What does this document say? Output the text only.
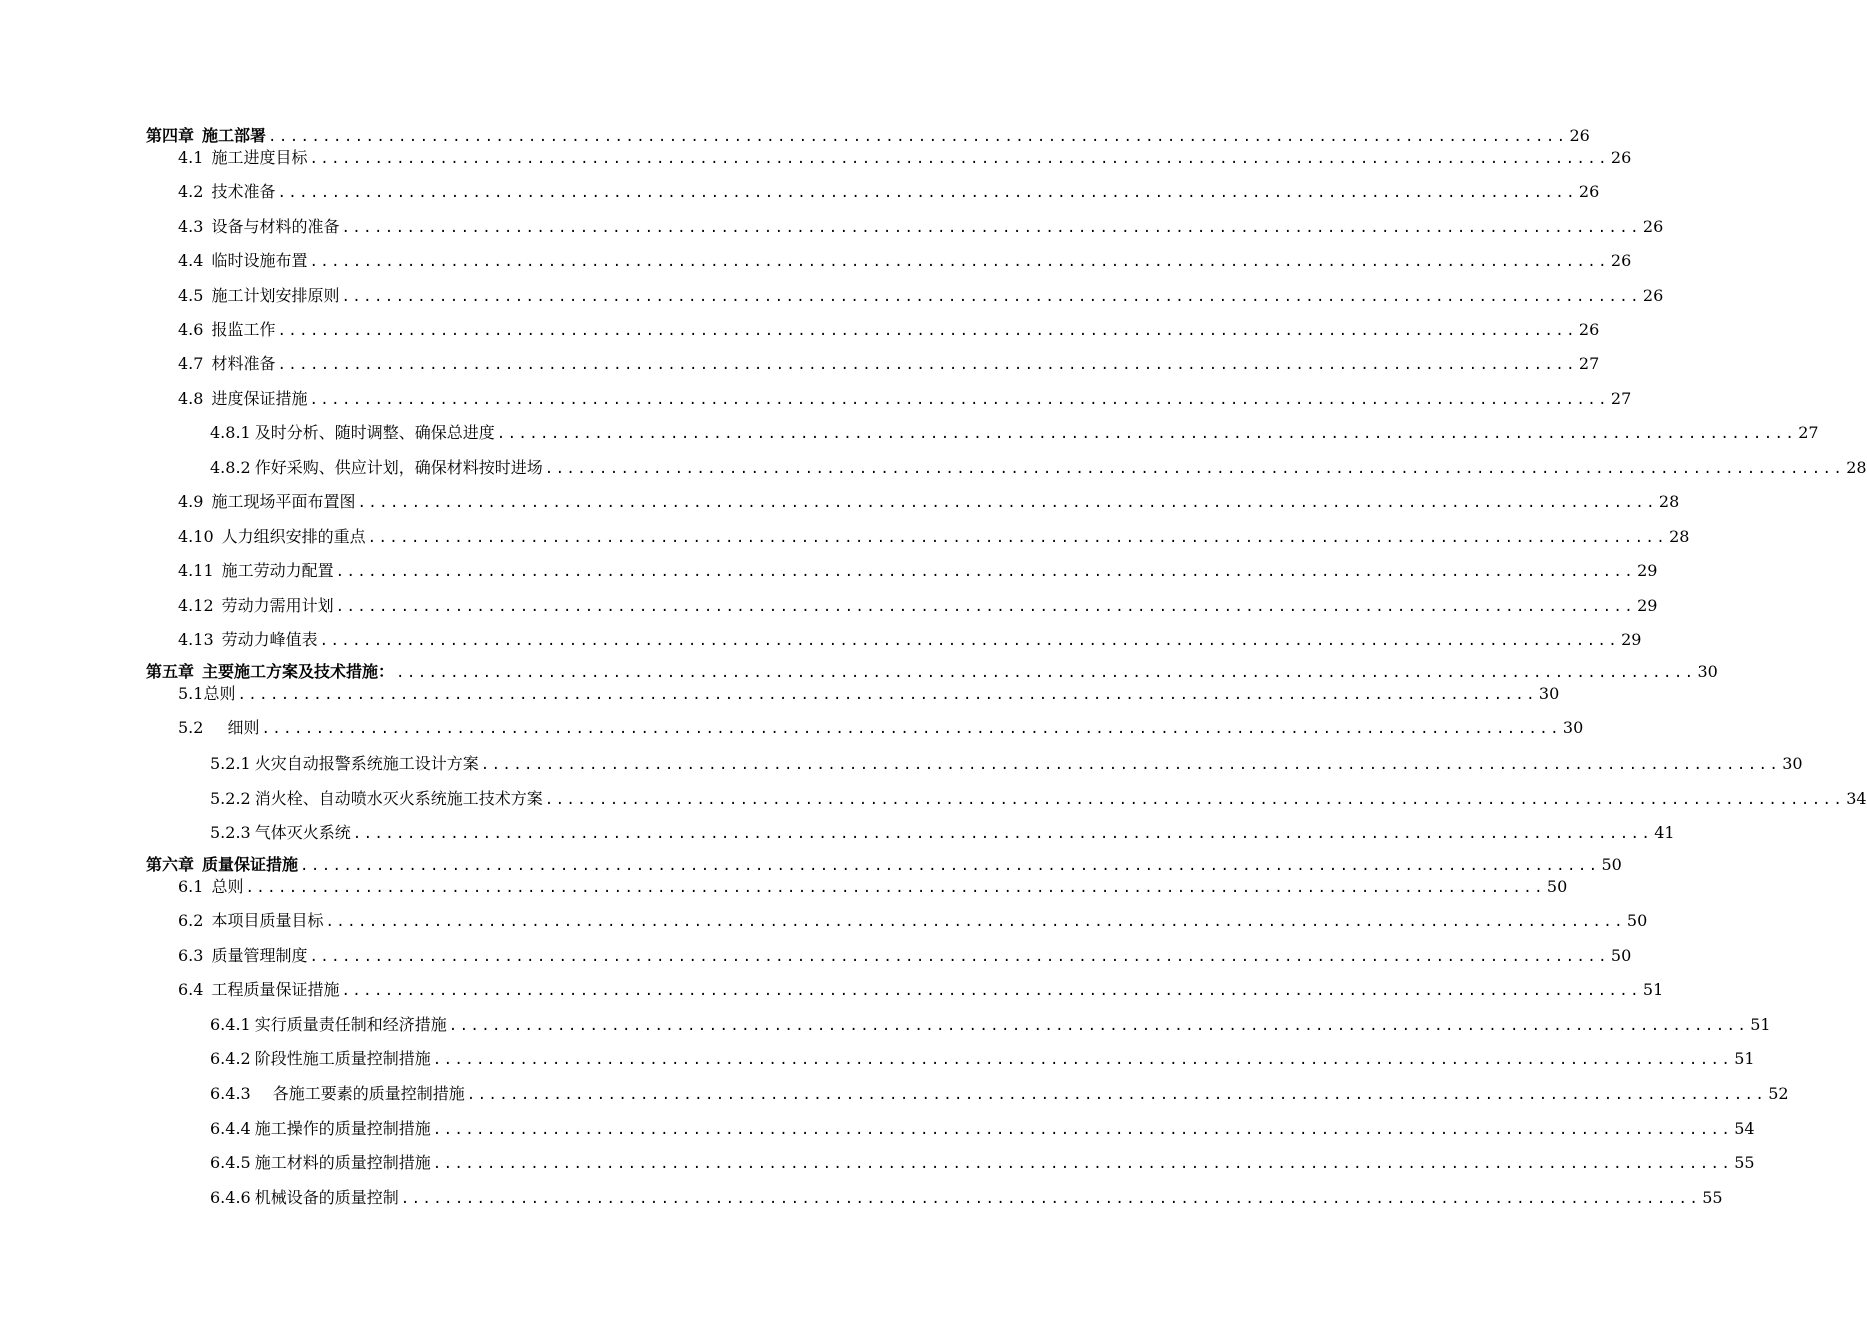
第四章 施工部署 ........................................................................................................................ 26
4.1 施工进度目标 ........................................................................................................................ 26
4.2 技术准备 ........................................................................................................................ 26
4.3 设备与材料的准备 ........................................................................................................................ 26
4.4 临时设施布置 ........................................................................................................................ 26
4.5 施工计划安排原则 ........................................................................................................................ 26
4.6 报监工作 ........................................................................................................................ 26
4.7 材料准备 ........................................................................................................................ 27
4.8 进度保证措施 ........................................................................................................................ 27
4.8.1 及时分析、随时调整、确保总进度 ........................................................................................................................ 27
4.8.2 作好采购、供应计划，确保材料按时进场 ........................................................................................................................ 28
4.9 施工现场平面布置图 ........................................................................................................................ 28
4.10 人力组织安排的重点 ........................................................................................................................ 28
4.11 施工劳动力配置 ........................................................................................................................ 29
4.12 劳动力需用计划 ........................................................................................................................ 29
4.13 劳动力峰值表 ........................................................................................................................ 29
第五章 主要施工方案及技术措施： ........................................................................................................................ 30
5.1 总则 ........................................................................................................................ 30
5.2 细则 ........................................................................................................................ 30
5.2.1 火灾自动报警系统施工设计方案 ........................................................................................................................ 30
5.2.2 消火栓、自动喷水灭火系统施工技术方案 ........................................................................................................................ 34
5.2.3 气体灭火系统 ........................................................................................................................ 41
第六章 质量保证措施 ........................................................................................................................ 50
6.1 总则 ........................................................................................................................ 50
6.2 本项目质量目标 ........................................................................................................................ 50
6.3 质量管理制度 ........................................................................................................................ 50
6.4 工程质量保证措施 ........................................................................................................................ 51
6.4.1 实行质量责任制和经济措施 ........................................................................................................................ 51
6.4.2 阶段性施工质量控制措施 ........................................................................................................................ 51
6.4.3 各施工要素的质量控制措施 ........................................................................................................................ 52
6.4.4 施工操作的质量控制措施 ........................................................................................................................ 54
6.4.5 施工材料的质量控制措施 ........................................................................................................................ 55
6.4.6 机械设备的质量控制 ........................................................................................................................ 55
